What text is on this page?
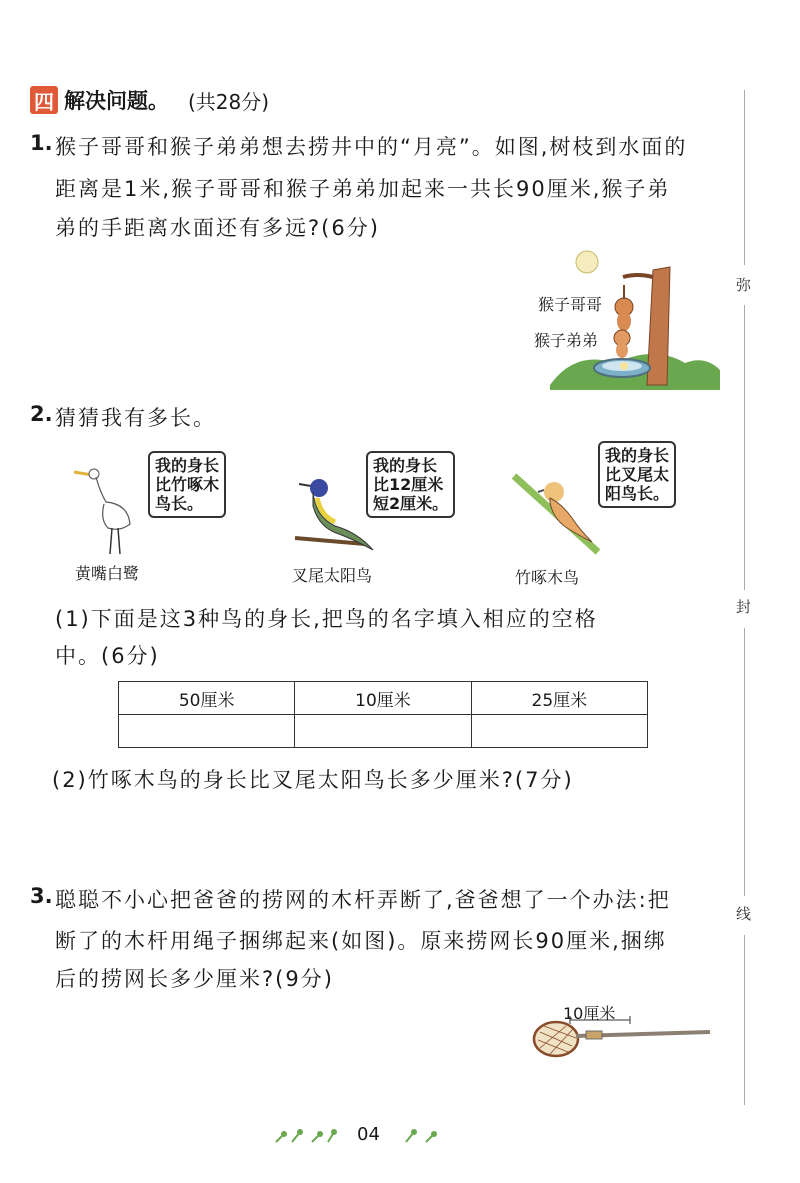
弥
封
线
四 解决问题。 (共28分)
1. 猴子哥哥和猴子弟弟想去捞井中的“月亮”。如图,树枝到水面的
距离是1米,猴子哥哥和猴子弟弟加起来一共长90厘米,猴子弟
弟的手距离水面还有多远?(6分)
猴子哥哥
猴子弟弟
2. 猜猜我有多长。
我的身长
比竹啄木
鸟长。
黄嘴白鹭
我的身长
比12厘米
短2厘米。
叉尾太阳鸟
我的身长
比叉尾太
阳鸟长。
竹啄木鸟
(1)下面是这3种鸟的身长,把鸟的名字填入相应的空格
中。(6分)
50厘米	10厘米	25厘米

(2)竹啄木鸟的身长比叉尾太阳鸟长多少厘米?(7分)
3. 聪聪不小心把爸爸的捞网的木杆弄断了,爸爸想了一个办法:把
断了的木杆用绳子捆绑起来(如图)。原来捞网长90厘米,捆绑
后的捞网长多少厘米?(9分)
10厘米
04
